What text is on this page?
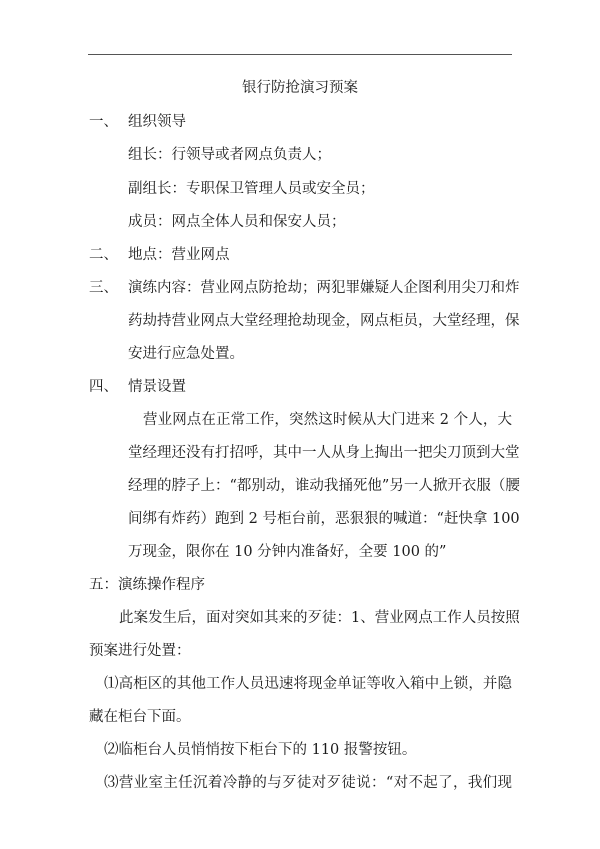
银行防抢演习预案
一、 组织领导
组长：行领导或者网点负责人；
副组长：专职保卫管理人员或安全员；
成员：网点全体人员和保安人员；
二、 地点：营业网点
三、 演练内容：营业网点防抢劫；两犯罪嫌疑人企图利用尖刀和炸
药劫持营业网点大堂经理抢劫现金，网点柜员，大堂经理，保
安进行应急处置。
四、 情景设置
营业网点在正常工作，突然这时候从大门进来 2 个人，大
堂经理还没有打招呼，其中一人从身上掏出一把尖刀顶到大堂
经理的脖子上：“都别动，谁动我捅死他”另一人掀开衣服（腰
间绑有炸药）跑到 2 号柜台前，恶狠狠的喊道：“赶快拿 100
万现金，限你在 10 分钟内准备好，全要 100 的”
五：演练操作程序
此案发生后，面对突如其来的歹徒：1、营业网点工作人员按照
预案进行处置：
⑴高柜区的其他工作人员迅速将现金单证等收入箱中上锁，并隐
藏在柜台下面。
⑵临柜台人员悄悄按下柜台下的 110 报警按钮。
⑶营业室主任沉着冷静的与歹徒对歹徒说：“对不起了，我们现
